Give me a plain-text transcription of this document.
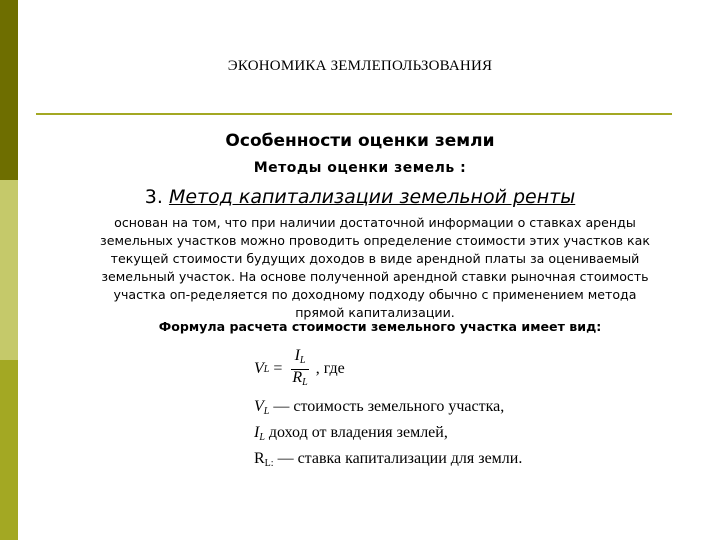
ЭКОНОМИКА ЗЕМЛЕПОЛЬЗОВАНИЯ
Особенности оценки земли
Методы оценки земель :
3. Метод капитализации земельной ренты
основан на том, что при наличии достаточной информации о ставках аренды
земельных участков можно проводить определение стоимости этих участков как
текущей стоимости будущих доходов в виде арендной платы за оцениваемый
земельный участок. На основе полученной арендной ставки рыночная стоимость
участка оп-ределяется по доходному подходу обычно с применением метода
прямой капитализации.
Формула расчета стоимости земельного участка имеет вид:
V $L = \frac{I_L}{R_L}$ , где
$V_L$ — стоимость земельного участка,
$I_L$ доход от владения землей,
$R_{L:}$ — ставка капитализации для земли.
